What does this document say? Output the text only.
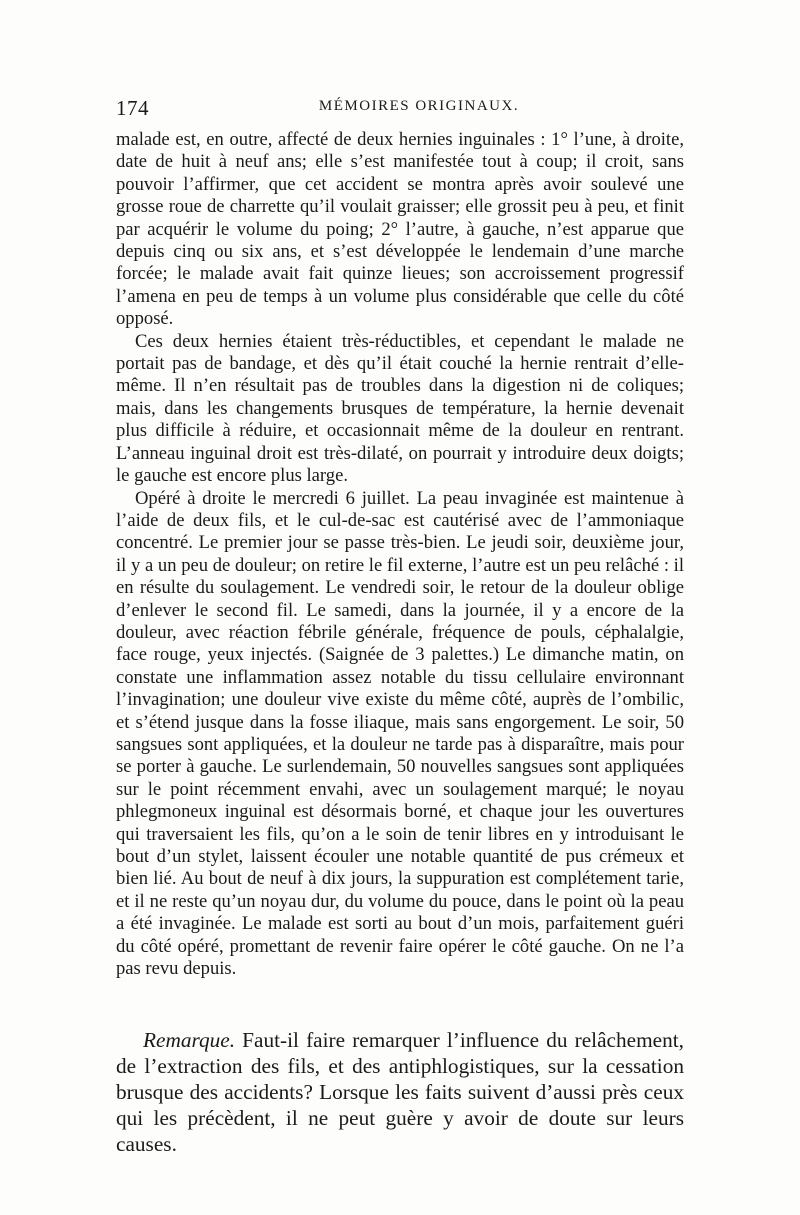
174	MÉMOIRES ORIGINAUX.

malade est, en outre, affecté de deux hernies inguinales : 1° l’une, à droite, date de huit à neuf ans; elle s’est manifestée tout à coup; il croit, sans pouvoir l’affirmer, que cet accident se montra après avoir soulevé une grosse roue de charrette qu’il voulait graisser; elle grossit peu à peu, et finit par acquérir le volume du poing; 2° l’autre, à gauche, n’est apparue que depuis cinq ou six ans, et s’est développée le lendemain d’une marche forcée; le malade avait fait quinze lieues; son accroissement progressif l’amena en peu de temps à un volume plus considérable que celle du côté opposé.

Ces deux hernies étaient très-réductibles, et cependant le malade ne portait pas de bandage, et dès qu’il était couché la hernie rentrait d’elle-même. Il n’en résultait pas de troubles dans la digestion ni de coliques; mais, dans les changements brusques de température, la hernie devenait plus difficile à réduire, et occasionnait même de la douleur en rentrant. L’anneau inguinal droit est très-dilaté, on pourrait y introduire deux doigts; le gauche est encore plus large.

Opéré à droite le mercredi 6 juillet. La peau invaginée est maintenue à l’aide de deux fils, et le cul-de-sac est cautérisé avec de l’ammoniaque concentré. Le premier jour se passe très-bien. Le jeudi soir, deuxième jour, il y a un peu de douleur; on retire le fil externe, l’autre est un peu relâché : il en résulte du soulagement. Le vendredi soir, le retour de la douleur oblige d’enlever le second fil. Le samedi, dans la journée, il y a encore de la douleur, avec réaction fébrile générale, fréquence de pouls, céphalalgie, face rouge, yeux injectés. (Saignée de 3 palettes.) Le dimanche matin, on constate une inflammation assez notable du tissu cellulaire environnant l’invagination; une douleur vive existe du même côté, auprès de l’ombilic, et s’étend jusque dans la fosse iliaque, mais sans engorgement. Le soir, 50 sangsues sont appliquées, et la douleur ne tarde pas à disparaître, mais pour se porter à gauche. Le surlendemain, 50 nouvelles sangsues sont appliquées sur le point récemment envahi, avec un soulagement marqué; le noyau phlegmoneux inguinal est désormais borné, et chaque jour les ouvertures qui traversaient les fils, qu’on a le soin de tenir libres en y introduisant le bout d’un stylet, laissent écouler une notable quantité de pus crémeux et bien lié. Au bout de neuf à dix jours, la suppuration est complétement tarie, et il ne reste qu’un noyau dur, du volume du pouce, dans le point où la peau a été invaginée. Le malade est sorti au bout d’un mois, parfaitement guéri du côté opéré, promettant de revenir faire opérer le côté gauche. On ne l’a pas revu depuis.

Remarque. Faut-il faire remarquer l’influence du relâchement, de l’extraction des fils, et des antiphlogistiques, sur la cessation brusque des accidents? Lorsque les faits suivent d’aussi près ceux qui les précèdent, il ne peut guère y avoir de doute sur leurs causes.
